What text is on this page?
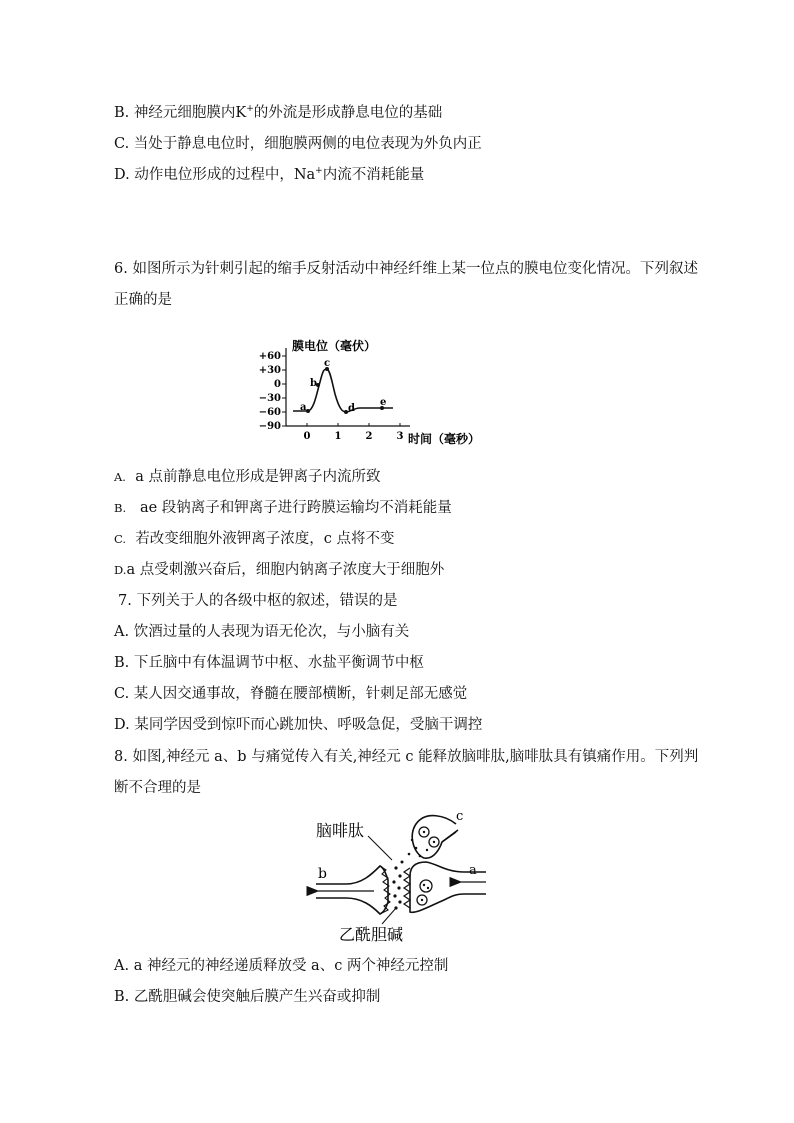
B. 神经元细胞膜内K+的外流是形成静息电位的基础
C. 当处于静息电位时，细胞膜两侧的电位表现为外负内正
D. 动作电位形成的过程中，Na+内流不消耗能量
6. 如图所示为针刺引起的缩手反射活动中神经纤维上某一位点的膜电位变化情况。下列叙述
正确的是
膜电位（毫伏）
+60
+30
0
−30
−60
−90
0 1 2 3 时间（毫秒）
a
b
c
d
e
A. a 点前静息电位形成是钾离子内流所致
B. ae 段钠离子和钾离子进行跨膜运输均不消耗能量
C. 若改变细胞外液钾离子浓度，c 点将不变
D.a 点受刺激兴奋后，细胞内钠离子浓度大于细胞外
7. 下列关于人的各级中枢的叙述，错误的是
A. 饮酒过量的人表现为语无伦次，与小脑有关
B. 下丘脑中有体温调节中枢、水盐平衡调节中枢
C. 某人因交通事故，脊髓在腰部横断，针刺足部无感觉
D. 某同学因受到惊吓而心跳加快、呼吸急促，受脑干调控
8. 如图,神经元 a、b 与痛觉传入有关,神经元 c 能释放脑啡肽,脑啡肽具有镇痛作用。下列判
断不合理的是
脑啡肽
c
b	a
乙酰胆碱
A. a 神经元的神经递质释放受 a、c 两个神经元控制
B. 乙酰胆碱会使突触后膜产生兴奋或抑制
